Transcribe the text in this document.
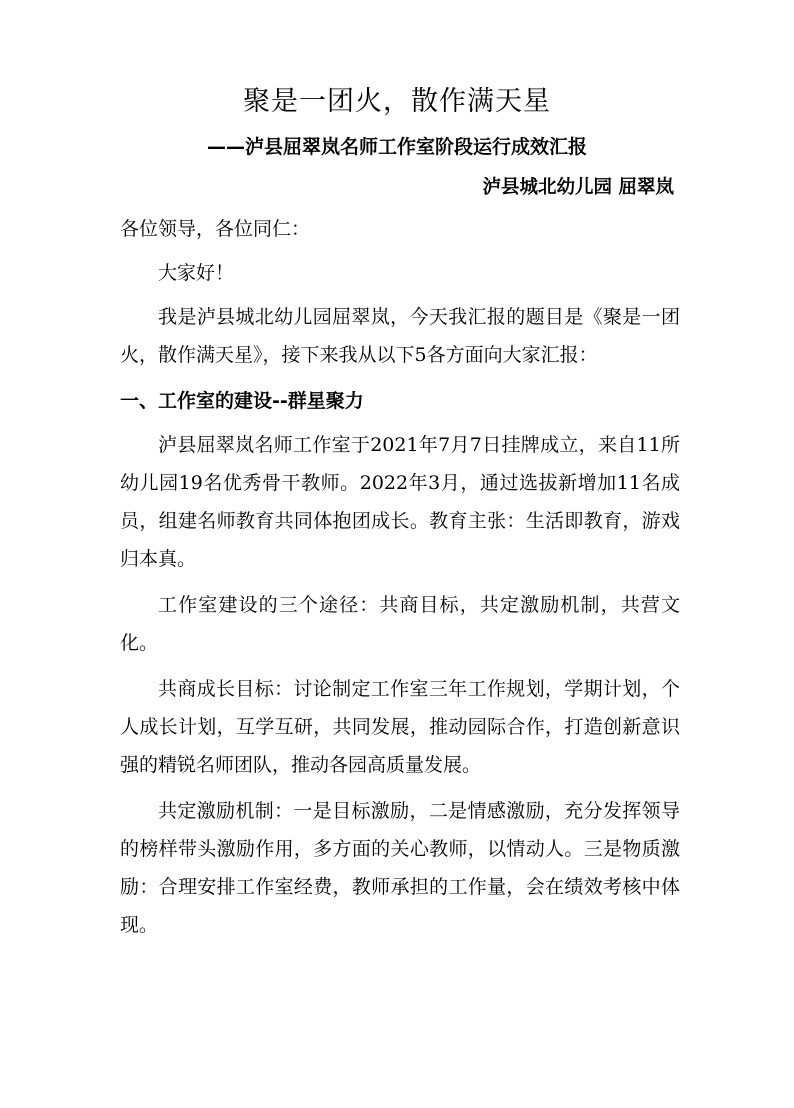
聚是一团火，散作满天星
——泸县屈翠岚名师工作室阶段运行成效汇报
泸县城北幼儿园 屈翠岚

各位领导，各位同仁：

大家好！

我是泸县城北幼儿园屈翠岚，今天我汇报的题目是《聚是一团火，散作满天星》，接下来我从以下5各方面向大家汇报：

一、工作室的建设--群星聚力

泸县屈翠岚名师工作室于2021年7月7日挂牌成立，来自11所幼儿园19名优秀骨干教师。2022年3月，通过选拔新增加11名成员，组建名师教育共同体抱团成长。教育主张：生活即教育，游戏归本真。

工作室建设的三个途径：共商目标，共定激励机制，共营文化。

共商成长目标：讨论制定工作室三年工作规划，学期计划，个人成长计划，互学互研，共同发展，推动园际合作，打造创新意识强的精锐名师团队，推动各园高质量发展。

共定激励机制：一是目标激励，二是情感激励，充分发挥领导的榜样带头激励作用，多方面的关心教师，以情动人。三是物质激励：合理安排工作室经费，教师承担的工作量，会在绩效考核中体现。
